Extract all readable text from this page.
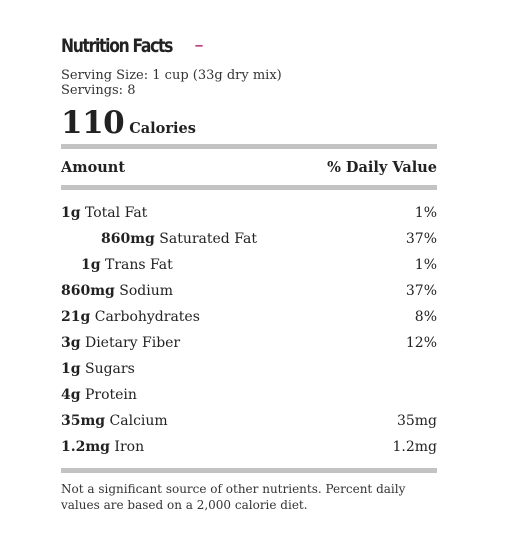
Nutrition Facts –
Serving Size: 1 cup (33g dry mix)
Servings: 8
110 Calories
Amount	% Daily Value
1g Total Fat	1%
860mg Saturated Fat	37%
1g Trans Fat	1%
860mg Sodium	37%
21g Carbohydrates	8%
3g Dietary Fiber	12%
1g Sugars
4g Protein
35mg Calcium	35mg
1.2mg Iron	1.2mg
Not a significant source of other nutrients. Percent daily values are based on a 2,000 calorie diet.
